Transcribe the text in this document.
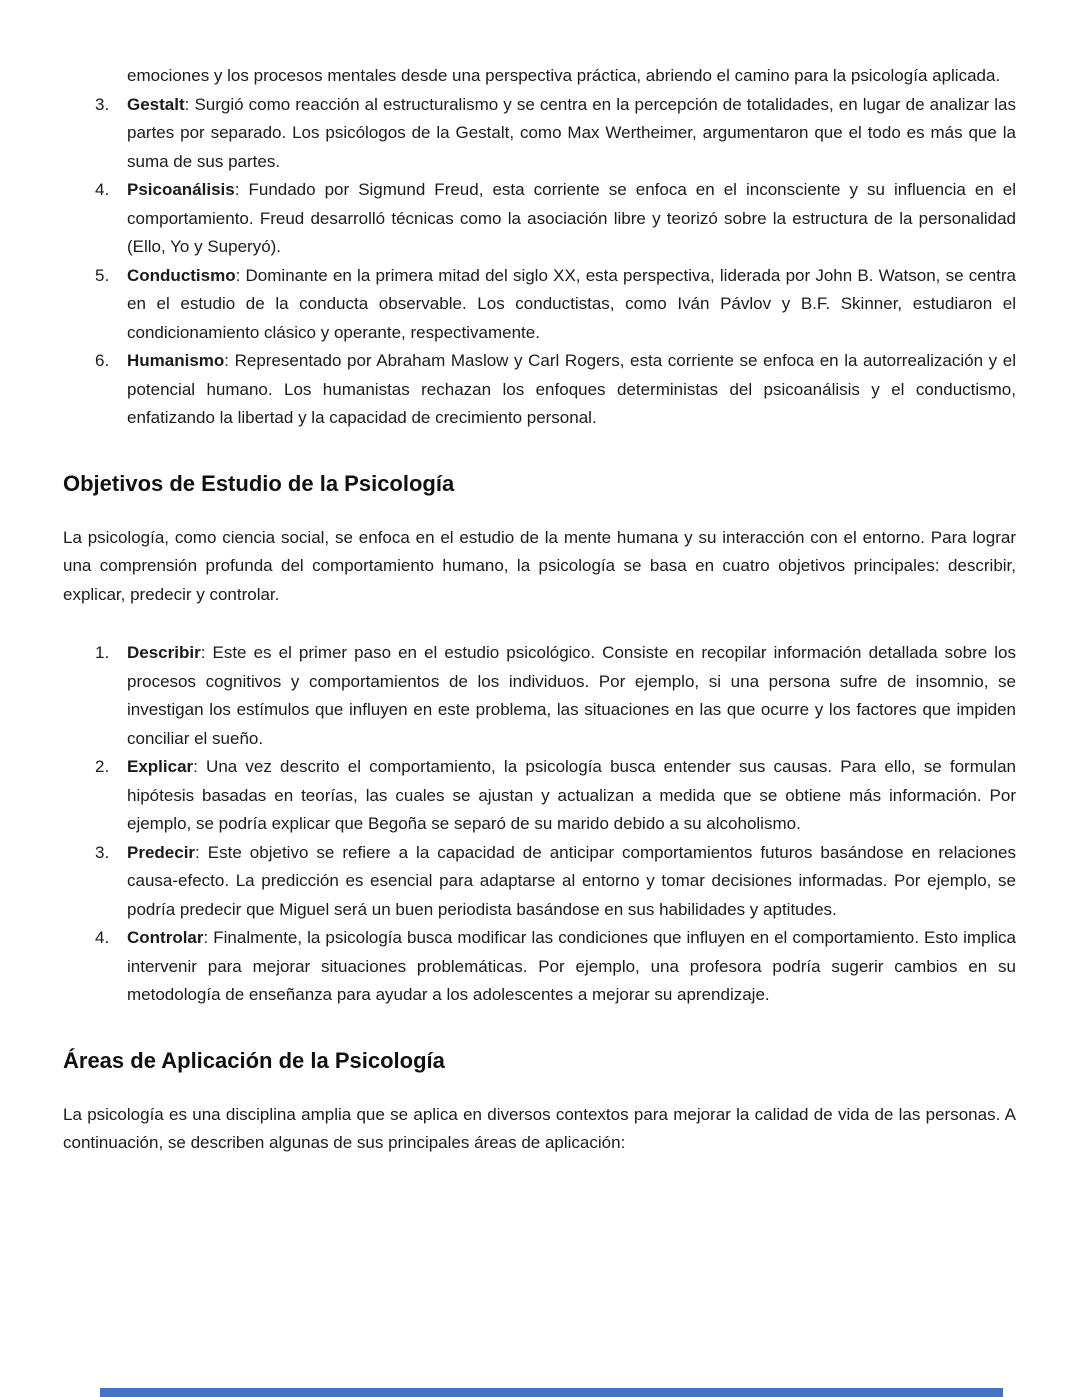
emociones y los procesos mentales desde una perspectiva práctica, abriendo el camino para la psicología aplicada.

3. Gestalt: Surgió como reacción al estructuralismo y se centra en la percepción de totalidades, en lugar de analizar las partes por separado. Los psicólogos de la Gestalt, como Max Wertheimer, argumentaron que el todo es más que la suma de sus partes.
4. Psicoanálisis: Fundado por Sigmund Freud, esta corriente se enfoca en el inconsciente y su influencia en el comportamiento. Freud desarrolló técnicas como la asociación libre y teorizó sobre la estructura de la personalidad (Ello, Yo y Superyó).
5. Conductismo: Dominante en la primera mitad del siglo XX, esta perspectiva, liderada por John B. Watson, se centra en el estudio de la conducta observable. Los conductistas, como Iván Pávlov y B.F. Skinner, estudiaron el condicionamiento clásico y operante, respectivamente.
6. Humanismo: Representado por Abraham Maslow y Carl Rogers, esta corriente se enfoca en la autorrealización y el potencial humano. Los humanistas rechazan los enfoques deterministas del psicoanálisis y el conductismo, enfatizando la libertad y la capacidad de crecimiento personal.
Objetivos de Estudio de la Psicología

La psicología, como ciencia social, se enfoca en el estudio de la mente humana y su interacción con el entorno. Para lograr una comprensión profunda del comportamiento humano, la psicología se basa en cuatro objetivos principales: describir, explicar, predecir y controlar.

1. Describir: Este es el primer paso en el estudio psicológico. Consiste en recopilar información detallada sobre los procesos cognitivos y comportamientos de los individuos. Por ejemplo, si una persona sufre de insomnio, se investigan los estímulos que influyen en este problema, las situaciones en las que ocurre y los factores que impiden conciliar el sueño.
2. Explicar: Una vez descrito el comportamiento, la psicología busca entender sus causas. Para ello, se formulan hipótesis basadas en teorías, las cuales se ajustan y actualizan a medida que se obtiene más información. Por ejemplo, se podría explicar que Begoña se separó de su marido debido a su alcoholismo.
3. Predecir: Este objetivo se refiere a la capacidad de anticipar comportamientos futuros basándose en relaciones causa-efecto. La predicción es esencial para adaptarse al entorno y tomar decisiones informadas. Por ejemplo, se podría predecir que Miguel será un buen periodista basándose en sus habilidades y aptitudes.
4. Controlar: Finalmente, la psicología busca modificar las condiciones que influyen en el comportamiento. Esto implica intervenir para mejorar situaciones problemáticas. Por ejemplo, una profesora podría sugerir cambios en su metodología de enseñanza para ayudar a los adolescentes a mejorar su aprendizaje.
Áreas de Aplicación de la Psicología

La psicología es una disciplina amplia que se aplica en diversos contextos para mejorar la calidad de vida de las personas. A continuación, se describen algunas de sus principales áreas de aplicación:
